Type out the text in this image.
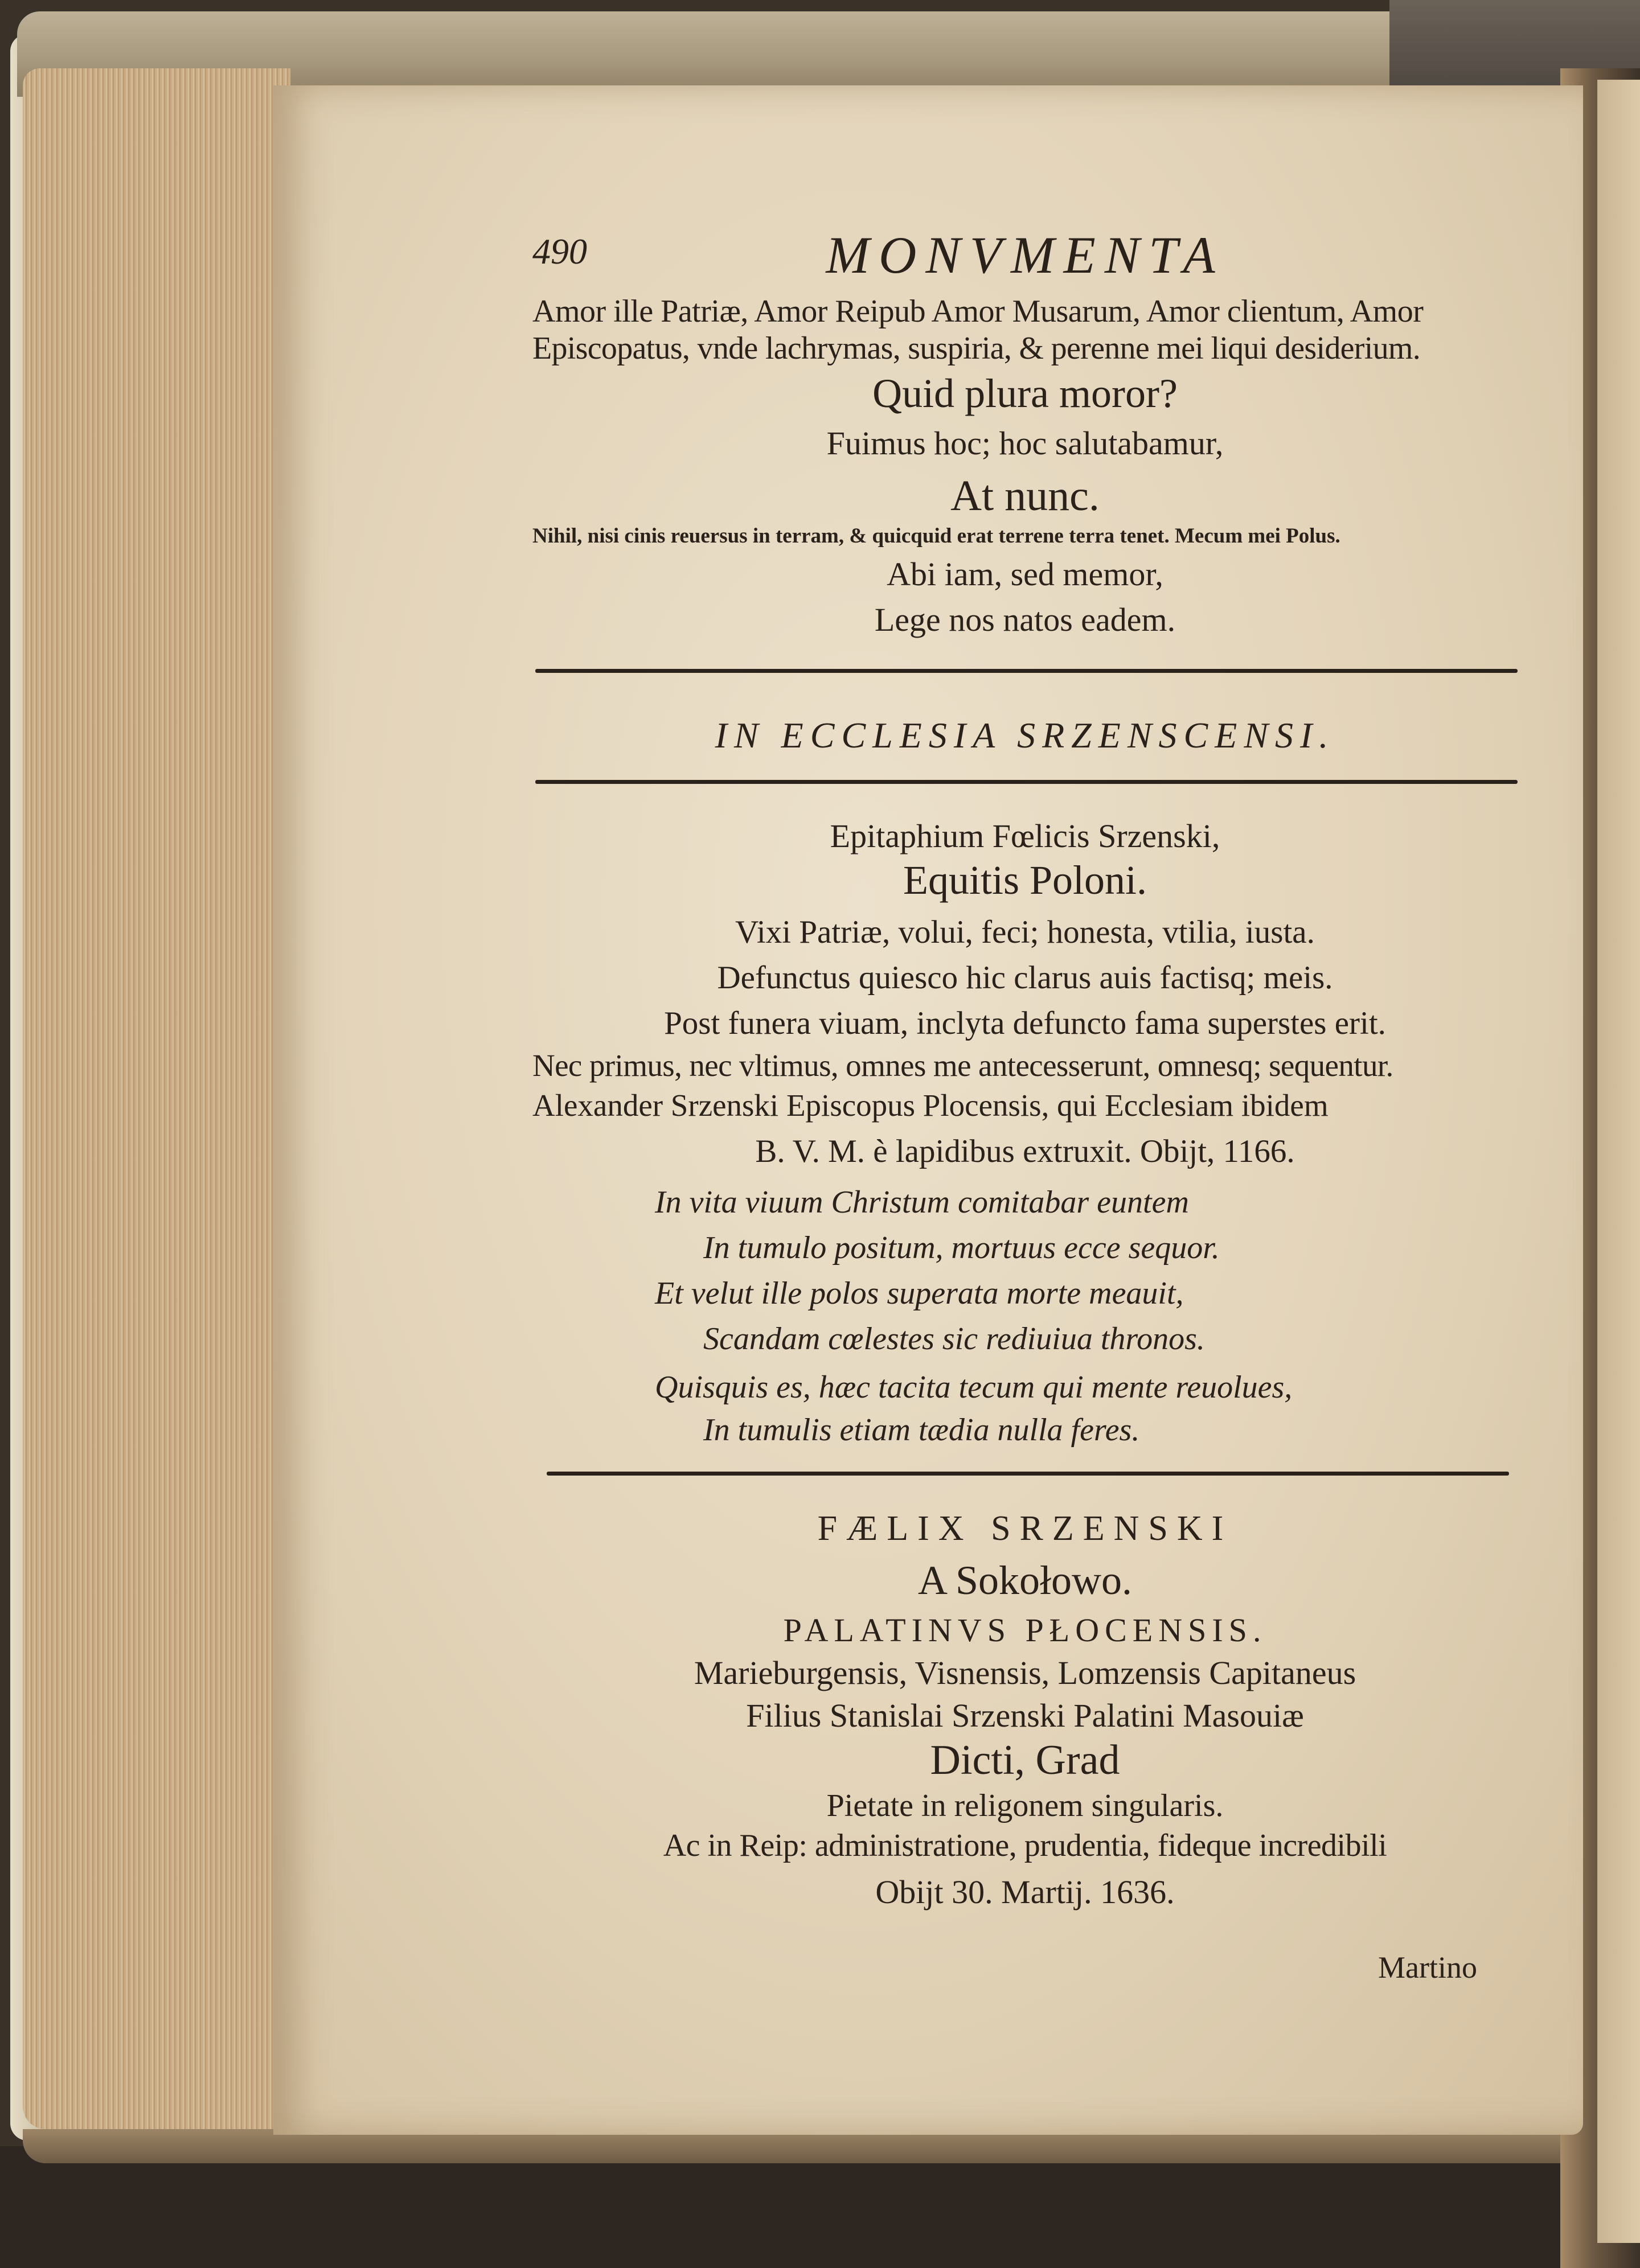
490	MONVMENTA
Amor ille Patriæ, Amor Reipub Amor Musarum, Amor clientum, Amor
Episcopatus, vnde lachrymas, suspiria, & perenne mei liqui desiderium.
Quid plura moror?
Fuimus hoc; hoc salutabamur,
At nunc.
Nihil, nisi cinis reuersus in terram, & quicquid erat terrene terra tenet. Mecum mei Polus.
Abi iam, sed memor,
Lege nos natos eadem.
IN ECCLESIA SRZENSCENSI.
Epitaphium Fœlicis Srzenski,
Equitis Poloni.
Vixi Patriæ, volui, feci; honesta, vtilia, iusta.
Defunctus quiesco hic clarus auis factisq; meis.
Post funera viuam, inclyta defuncto fama superstes erit.
Nec primus, nec vltimus, omnes me antecesserunt, omnesq; sequentur.
Alexander Srzenski Episcopus Plocensis, qui Ecclesiam ibidem
B. V. M. è lapidibus extruxit. Obijt, 1166.
In vita viuum Christum comitabar euntem
In tumulo positum, mortuus ecce sequor.
Et velut ille polos superata morte meauit,
Scandam cœlestes sic rediuiua thronos.
Quisquis es, hæc tacita tecum qui mente reuolues,
In tumulis etiam tædia nulla feres.
FÆLIX SRZENSKI
A Sokołowo.
PALATINVS PŁOCENSIS.
Marieburgensis, Visnensis, Lomzensis Capitaneus
Filius Stanislai Srzenski Palatini Masouiæ
Dicti, Grad
Pietate in religonem singularis.
Ac in Reip: administratione, prudentia, fideque incredibili
Obijt 30. Martij. 1636.
Martino
